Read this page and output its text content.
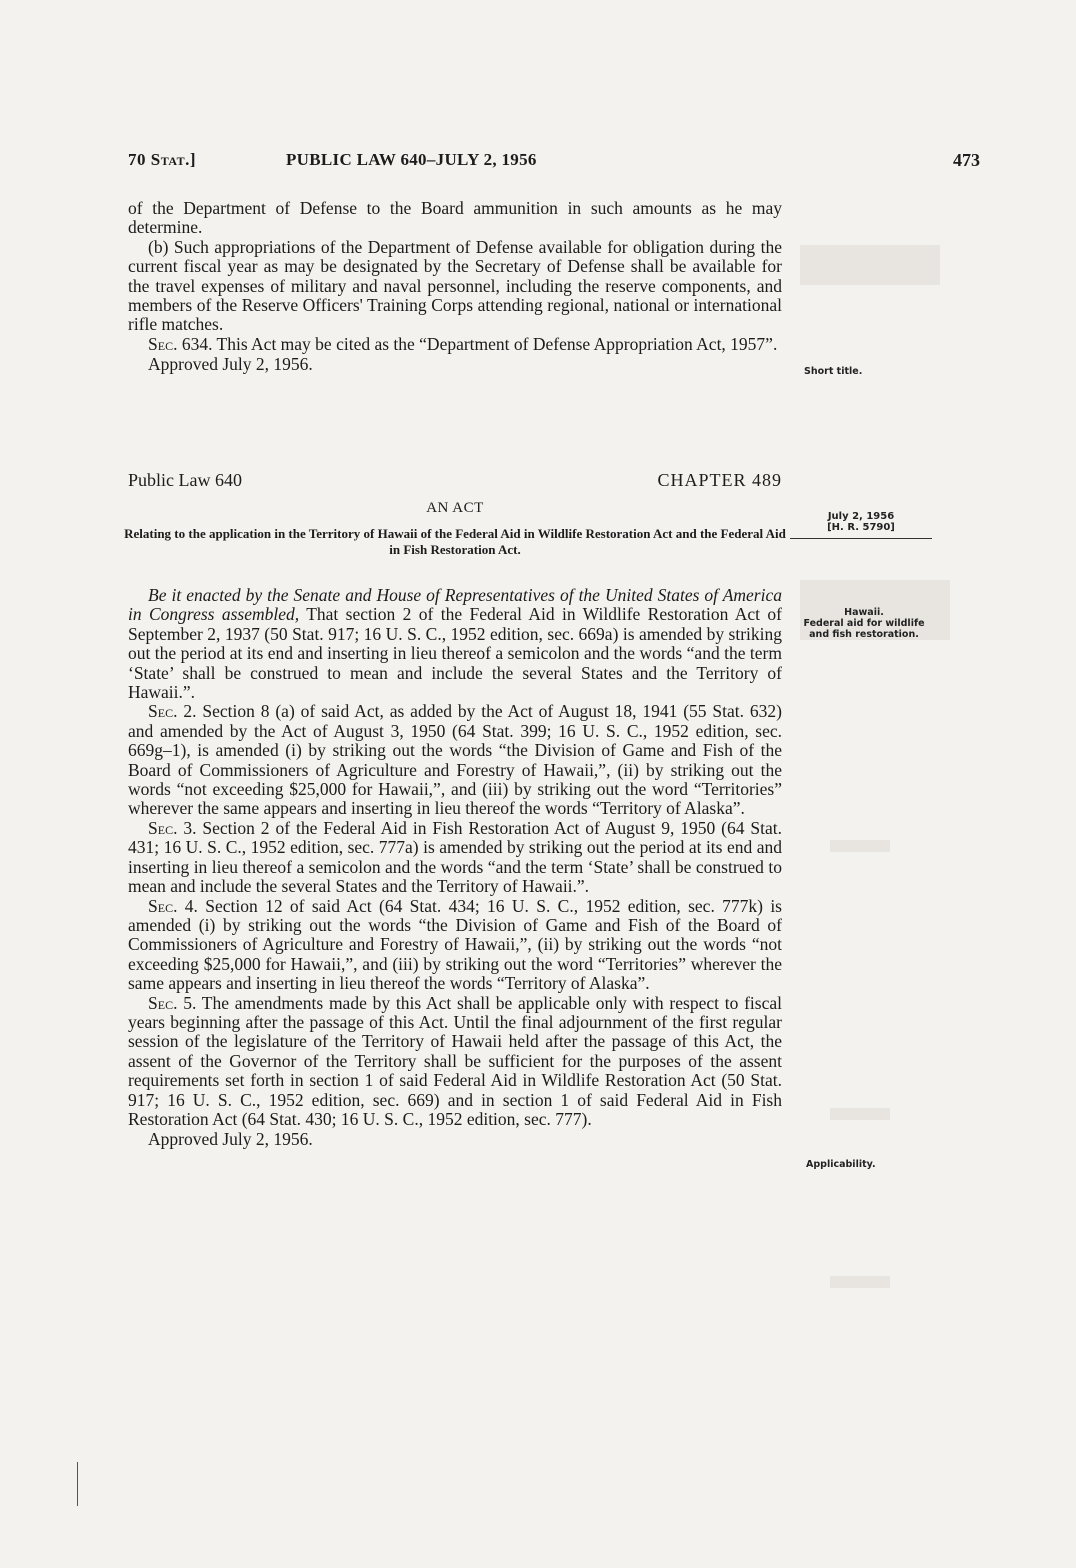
70 Stat.]	PUBLIC LAW 640–JULY 2, 1956	473

of the Department of Defense to the Board ammunition in such amounts as he may determine.

(b) Such appropriations of the Department of Defense available for obligation during the current fiscal year as may be designated by the Secretary of Defense shall be available for the travel expenses of military and naval personnel, including the reserve components, and members of the Reserve Officers' Training Corps attending regional, national or international rifle matches.

Sec. 634. This Act may be cited as the “Department of Defense Appropriation Act, 1957”.

Approved July 2, 1956.
Public Law 640	CHAPTER 489
AN ACT
Relating to the application in the Territory of Hawaii of the Federal Aid in Wildlife Restoration Act and the Federal Aid in Fish Restoration Act.

Be it enacted by the Senate and House of Representatives of the United States of America in Congress assembled, That section 2 of the Federal Aid in Wildlife Restoration Act of September 2, 1937 (50 Stat. 917; 16 U. S. C., 1952 edition, sec. 669a) is amended by striking out the period at its end and inserting in lieu thereof a semicolon and the words “and the term ‘State’ shall be construed to mean and include the several States and the Territory of Hawaii.”.

Sec. 2. Section 8 (a) of said Act, as added by the Act of August 18, 1941 (55 Stat. 632) and amended by the Act of August 3, 1950 (64 Stat. 399; 16 U. S. C., 1952 edition, sec. 669g–1), is amended (i) by striking out the words “the Division of Game and Fish of the Board of Commissioners of Agriculture and Forestry of Hawaii,”, (ii) by striking out the words “not exceeding $25,000 for Hawaii,”, and (iii) by striking out the word “Territories” wherever the same appears and inserting in lieu thereof the words “Territory of Alaska”.

Sec. 3. Section 2 of the Federal Aid in Fish Restoration Act of August 9, 1950 (64 Stat. 431; 16 U. S. C., 1952 edition, sec. 777a) is amended by striking out the period at its end and inserting in lieu thereof a semicolon and the words “and the term ‘State’ shall be construed to mean and include the several States and the Territory of Hawaii.”.

Sec. 4. Section 12 of said Act (64 Stat. 434; 16 U. S. C., 1952 edition, sec. 777k) is amended (i) by striking out the words “the Division of Game and Fish of the Board of Commissioners of Agriculture and Forestry of Hawaii,”, (ii) by striking out the words “not exceeding $25,000 for Hawaii,”, and (iii) by striking out the word “Territories” wherever the same appears and inserting in lieu thereof the words “Territory of Alaska”.

Sec. 5. The amendments made by this Act shall be applicable only with respect to fiscal years beginning after the passage of this Act. Until the final adjournment of the first regular session of the legislature of the Territory of Hawaii held after the passage of this Act, the assent of the Governor of the Territory shall be sufficient for the purposes of the assent requirements set forth in section 1 of said Federal Aid in Wildlife Restoration Act (50 Stat. 917; 16 U. S. C., 1952 edition, sec. 669) and in section 1 of said Federal Aid in Fish Restoration Act (64 Stat. 430; 16 U. S. C., 1952 edition, sec. 777).

Approved July 2, 1956.
Short title.
July 2, 1956
[H. R. 5790]
Hawaii.
Federal aid for wildlife and fish restoration.
Applicability.
